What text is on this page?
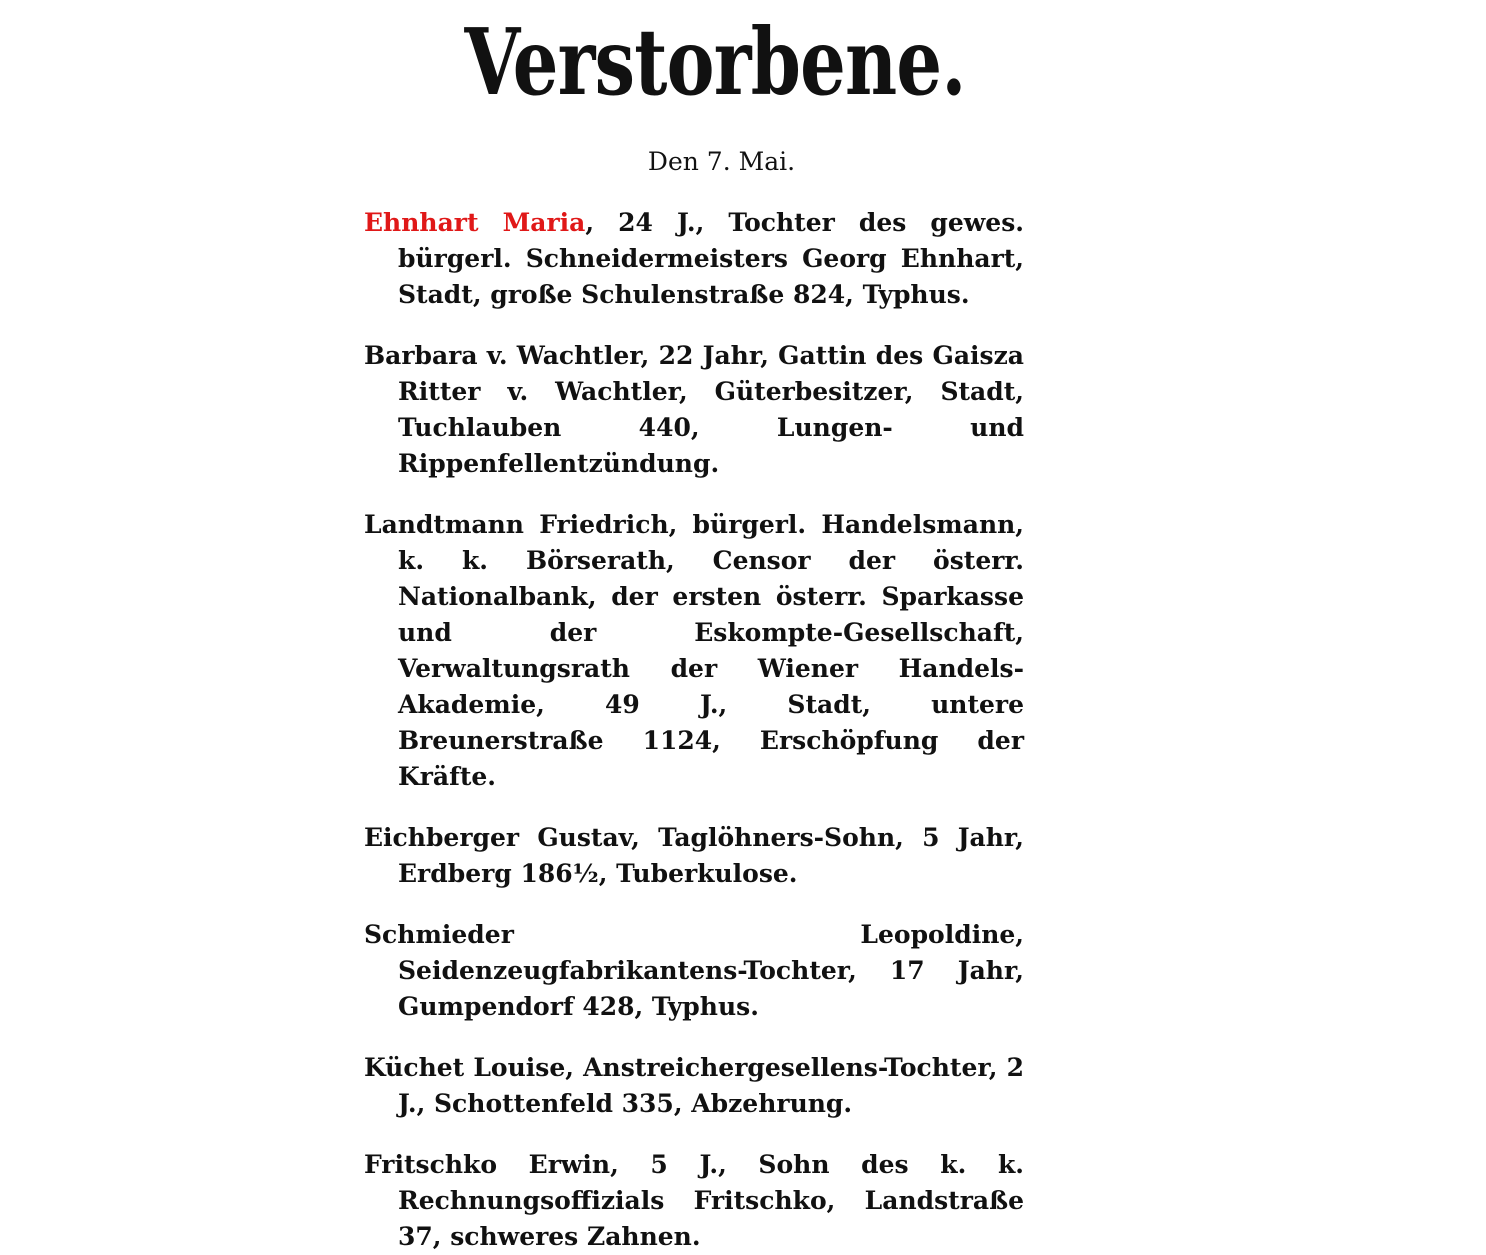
Verstorbene.
Den 7. Mai.

Ehnhart Maria, 24 J., Tochter des gewes. bürgerl. Schneidermeisters Georg Ehnhart, Stadt, große Schulenstraße 824, Typhus.

Barbara v. Wachtler, 22 Jahr, Gattin des Gaisza Ritter v. Wachtler, Güterbesitzer, Stadt, Tuchlauben 440, Lungen- und Rippenfellentzündung.

Landtmann Friedrich, bürgerl. Handelsmann, k. k. Börserath, Censor der österr. Nationalbank, der ersten österr. Sparkasse und der Eskompte-Gesellschaft, Verwaltungsrath der Wiener Handels-Akademie, 49 J., Stadt, untere Breunerstraße 1124, Erschöpfung der Kräfte.

Eichberger Gustav, Taglöhners-Sohn, 5 Jahr, Erdberg 186½, Tuberkulose.

Schmieder Leopoldine, Seidenzeugfabrikantens-Tochter, 17 Jahr, Gumpendorf 428, Typhus.

Küchet Louise, Anstreichergesellens-Tochter, 2 J., Schottenfeld 335, Abzehrung.

Fritschko Erwin, 5 J., Sohn des k. k. Rechnungsoffizials Fritschko, Landstraße 37, schweres Zahnen.
